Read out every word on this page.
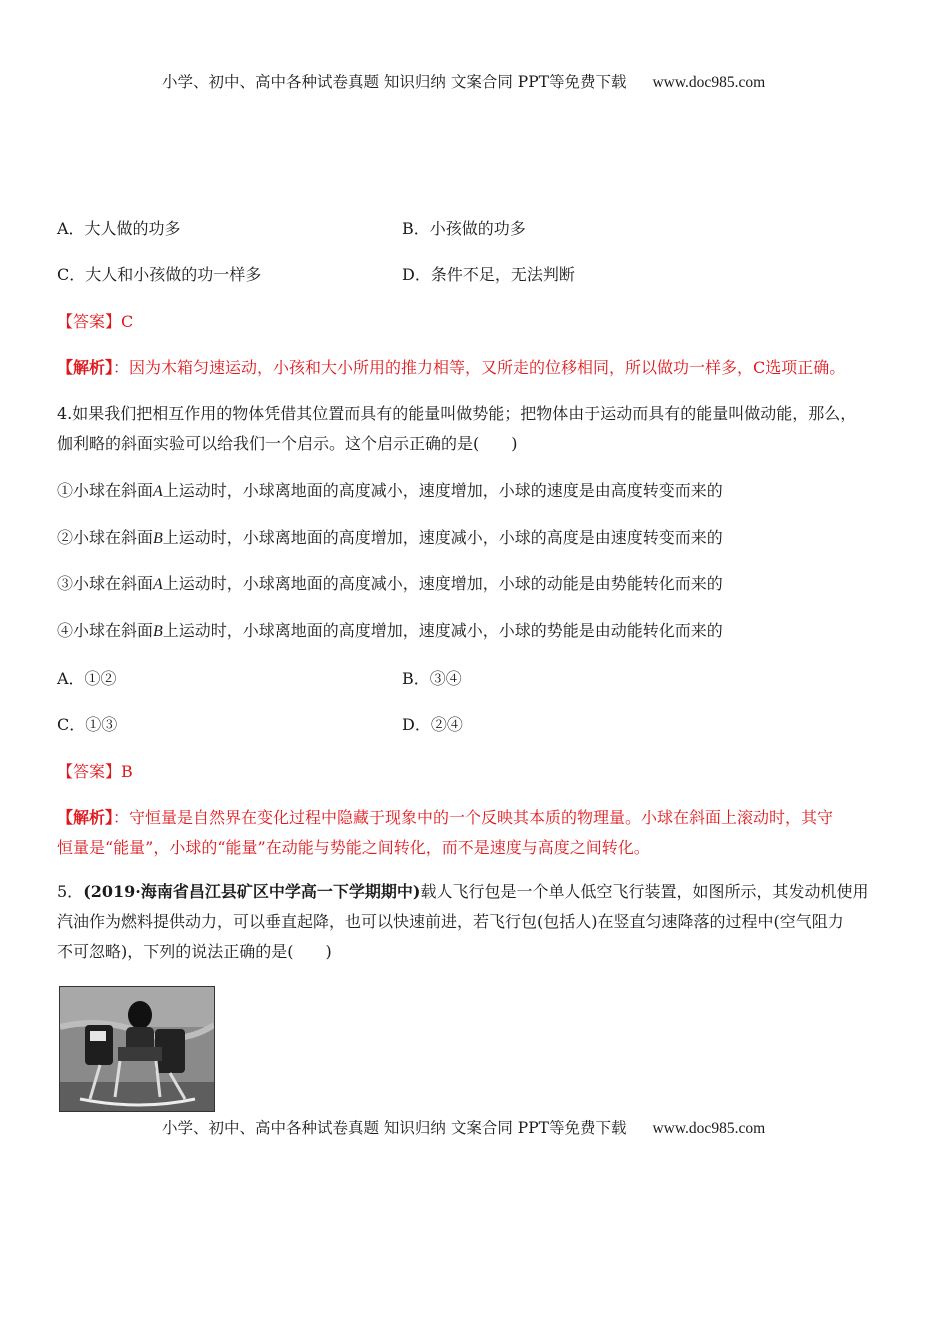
小学、初中、高中各种试卷真题 知识归纳 文案合同 PPT等免费下载 www.doc985.com
A．大人做的功多	B．小孩做的功多
C．大人和小孩做的功一样多	D．条件不足，无法判断
【答案】C
【解析】：因为木箱匀速运动，小孩和大小所用的推力相等，又所走的位移相同，所以做功一样多，C选项正确。
4.如果我们把相互作用的物体凭借其位置而具有的能量叫做势能；把物体由于运动而具有的能量叫做动能，那么，
伽利略的斜面实验可以给我们一个启示。这个启示正确的是(　　)
①小球在斜面A上运动时，小球离地面的高度减小，速度增加，小球的速度是由高度转变而来的
②小球在斜面B上运动时，小球离地面的高度增加，速度减小，小球的高度是由速度转变而来的
③小球在斜面A上运动时，小球离地面的高度减小，速度增加，小球的动能是由势能转化而来的
④小球在斜面B上运动时，小球离地面的高度增加，速度减小，小球的势能是由动能转化而来的
A．①②	B．③④
C．①③	D．②④
【答案】B
【解析】：守恒量是自然界在变化过程中隐藏于现象中的一个反映其本质的物理量。小球在斜面上滚动时，其守
恒量是“能量”，小球的“能量”在动能与势能之间转化，而不是速度与高度之间转化。
5．(2019·海南省昌江县矿区中学高一下学期期中)载人飞行包是一个单人低空飞行装置，如图所示，其发动机使用
汽油作为燃料提供动力，可以垂直起降，也可以快速前进，若飞行包(包括人)在竖直匀速降落的过程中(空气阻力
不可忽略)，下列的说法正确的是(　　)
小学、初中、高中各种试卷真题 知识归纳 文案合同 PPT等免费下载 www.doc985.com
